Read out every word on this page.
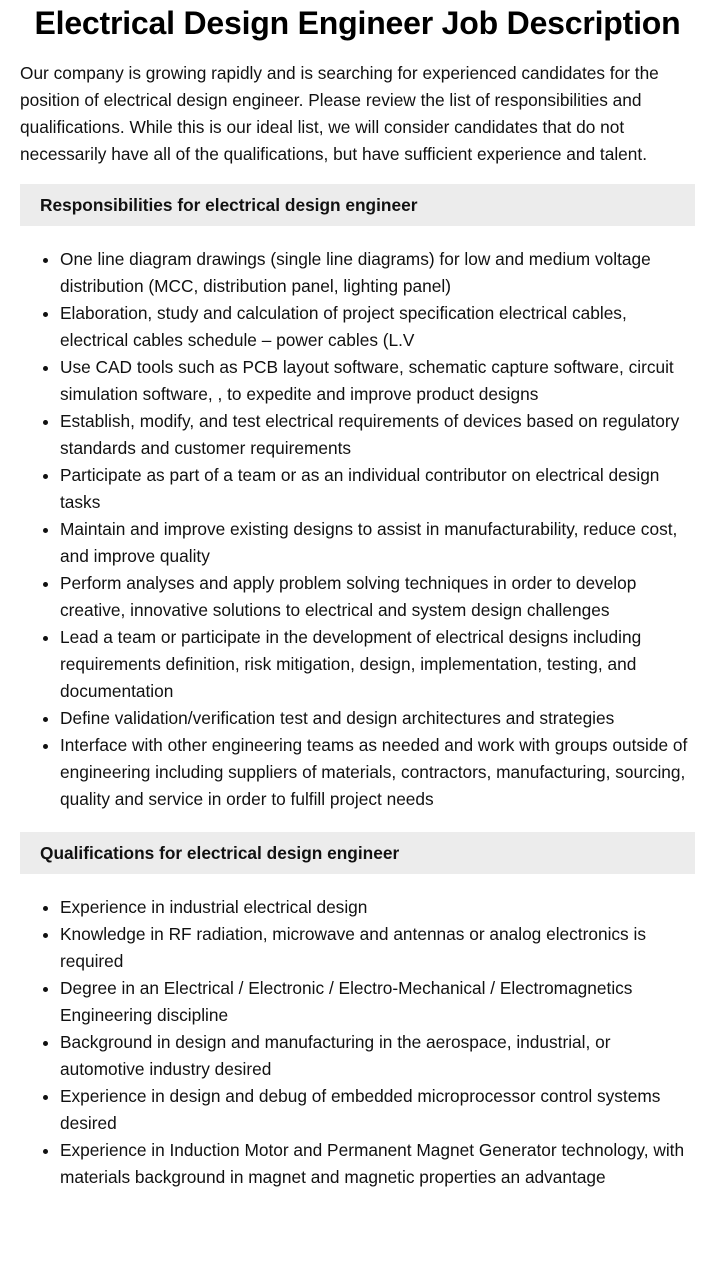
Electrical Design Engineer Job Description

Our company is growing rapidly and is searching for experienced candidates for the position of electrical design engineer. Please review the list of responsibilities and qualifications. While this is our ideal list, we will consider candidates that do not necessarily have all of the qualifications, but have sufficient experience and talent.

Responsibilities for electrical design engineer
One line diagram drawings (single line diagrams) for low and medium voltage distribution (MCC, distribution panel, lighting panel)
Elaboration, study and calculation of project specification electrical cables, electrical cables schedule – power cables (L.V
Use CAD tools such as PCB layout software, schematic capture software, circuit simulation software, , to expedite and improve product designs
Establish, modify, and test electrical requirements of devices based on regulatory standards and customer requirements
Participate as part of a team or as an individual contributor on electrical design tasks
Maintain and improve existing designs to assist in manufacturability, reduce cost, and improve quality
Perform analyses and apply problem solving techniques in order to develop creative, innovative solutions to electrical and system design challenges
Lead a team or participate in the development of electrical designs including requirements definition, risk mitigation, design, implementation, testing, and documentation
Define validation/verification test and design architectures and strategies
Interface with other engineering teams as needed and work with groups outside of engineering including suppliers of materials, contractors, manufacturing, sourcing, quality and service in order to fulfill project needs
Qualifications for electrical design engineer
Experience in industrial electrical design
Knowledge in RF radiation, microwave and antennas or analog electronics is required
Degree in an Electrical / Electronic / Electro-Mechanical / Electromagnetics Engineering discipline
Background in design and manufacturing in the aerospace, industrial, or automotive industry desired
Experience in design and debug of embedded microprocessor control systems desired
Experience in Induction Motor and Permanent Magnet Generator technology, with materials background in magnet and magnetic properties an advantage
